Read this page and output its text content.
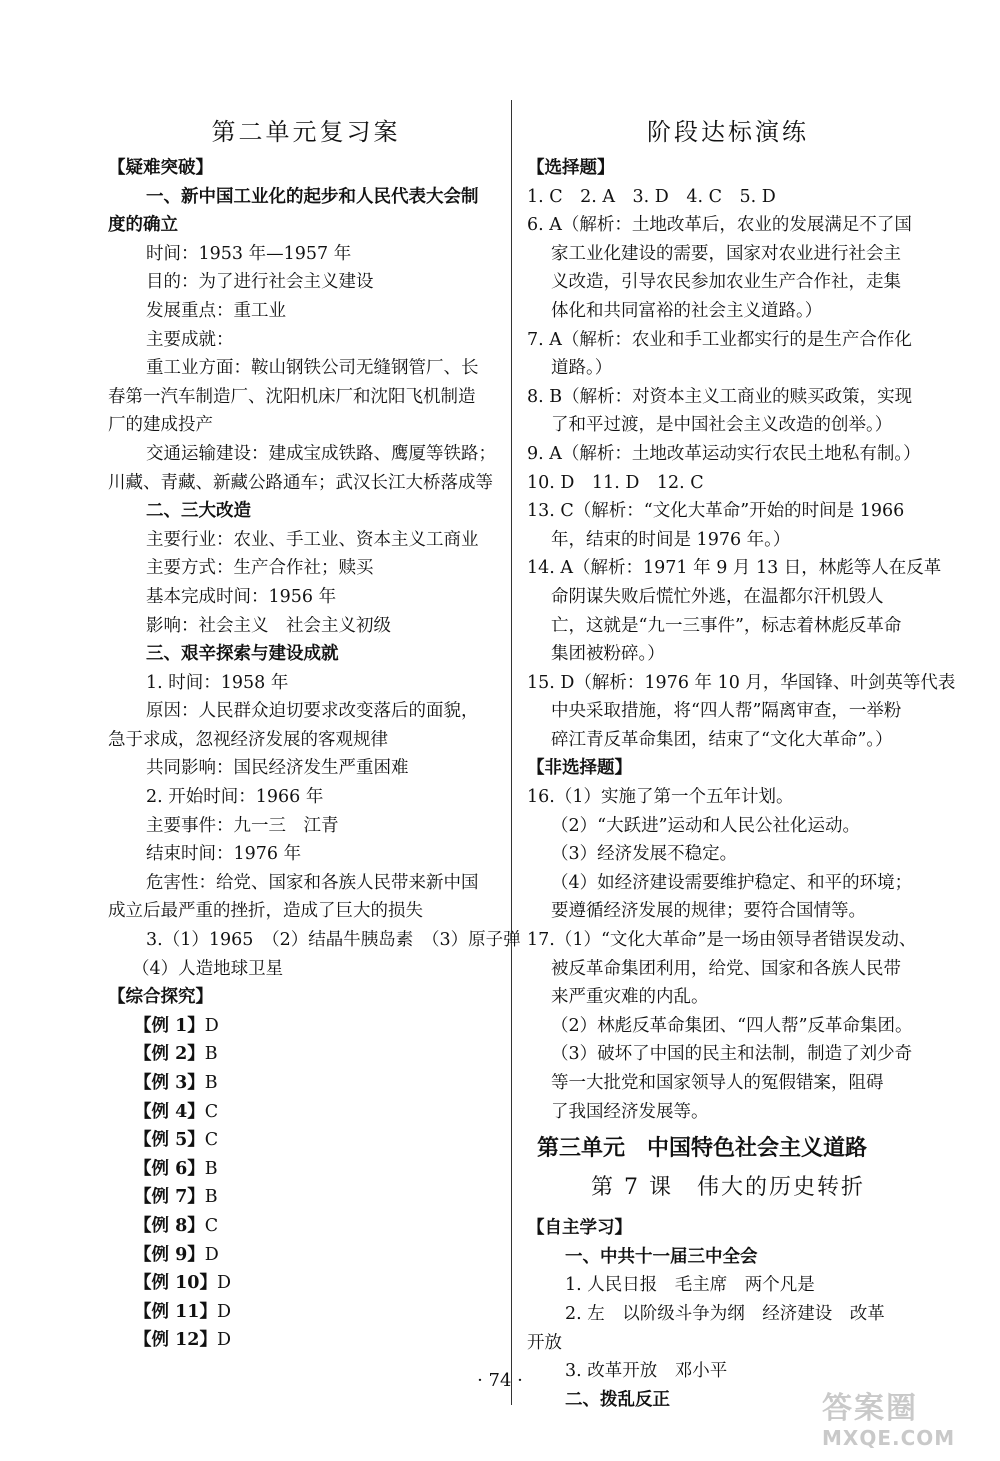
第二单元复习案
【疑难突破】
一、新中国工业化的起步和人民代表大会制
度的确立
时间：1953 年—1957 年
目的：为了进行社会主义建设
发展重点：重工业
主要成就：
重工业方面：鞍山钢铁公司无缝钢管厂、长
春第一汽车制造厂、沈阳机床厂和沈阳飞机制造
厂的建成投产
交通运输建设：建成宝成铁路、鹰厦等铁路；
川藏、青藏、新藏公路通车；武汉长江大桥落成等
二、三大改造
主要行业：农业、手工业、资本主义工商业
主要方式：生产合作社；赎买
基本完成时间：1956 年
影响：社会主义　社会主义初级
三、艰辛探索与建设成就
1. 时间：1958 年
原因：人民群众迫切要求改变落后的面貌，
急于求成，忽视经济发展的客观规律
共同影响：国民经济发生严重困难
2. 开始时间：1966 年
主要事件：九一三　江青
结束时间：1976 年
危害性：给党、国家和各族人民带来新中国
成立后最严重的挫折，造成了巨大的损失
3.（1）1965　（2）结晶牛胰岛素　（3）原子弹
（4）人造地球卫星
【综合探究】
【例 1】D
【例 2】B
【例 3】B
【例 4】C
【例 5】C
【例 6】B
【例 7】B
【例 8】C
【例 9】D
【例 10】D
【例 11】D
【例 12】D
阶段达标演练
【选择题】
1. C　2. A　3. D　4. C　5. D
6. A（解析：土地改革后，农业的发展满足不了国
家工业化建设的需要，国家对农业进行社会主
义改造，引导农民参加农业生产合作社，走集
体化和共同富裕的社会主义道路。）
7. A（解析：农业和手工业都实行的是生产合作化
道路。）
8. B（解析：对资本主义工商业的赎买政策，实现
了和平过渡，是中国社会主义改造的创举。）
9. A（解析：土地改革运动实行农民土地私有制。）
10. D　11. D　12. C
13. C（解析：“文化大革命”开始的时间是 1966
年，结束的时间是 1976 年。）
14. A（解析：1971 年 9 月 13 日，林彪等人在反革
命阴谋失败后慌忙外逃，在温都尔汗机毁人
亡，这就是“九一三事件”，标志着林彪反革命
集团被粉碎。）
15. D（解析：1976 年 10 月，华国锋、叶剑英等代表
中央采取措施，将“四人帮”隔离审查，一举粉
碎江青反革命集团，结束了“文化大革命”。）
【非选择题】
16.（1）实施了第一个五年计划。
（2）“大跃进”运动和人民公社化运动。
（3）经济发展不稳定。
（4）如经济建设需要维护稳定、和平的环境；
要遵循经济发展的规律；要符合国情等。
17.（1）“文化大革命”是一场由领导者错误发动、
被反革命集团利用，给党、国家和各族人民带
来严重灾难的内乱。
（2）林彪反革命集团、“四人帮”反革命集团。
（3）破坏了中国的民主和法制，制造了刘少奇
等一大批党和国家领导人的冤假错案，阻碍
了我国经济发展等。
第三单元　中国特色社会主义道路
第 7 课　伟大的历史转折
【自主学习】
一、中共十一届三中全会
1. 人民日报　毛主席　两个凡是
2. 左　以阶级斗争为纲　经济建设　改革
开放
3. 改革开放　邓小平
二、拨乱反正
· 74 ·
答案圈
MXQE.COM
